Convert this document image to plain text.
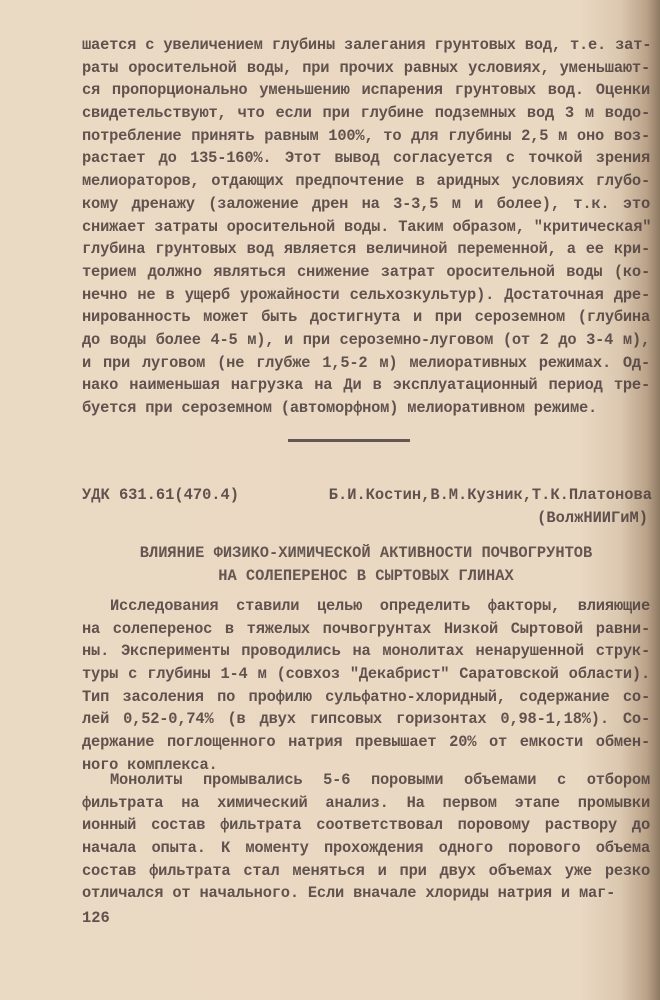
шается с увеличением глубины залегания грунтовых вод, т.е. зат-
раты оросительной воды, при прочих равных условиях, уменьшают-
ся пропорционально уменьшению испарения грунтовых вод. Оценки
свидетельствуют, что если при глубине подземных вод 3 м водо-
потребление принять равным 100%, то для глубины 2,5 м оно воз-
растает до 135-160%. Этот вывод согласуется с точкой зрения
мелиораторов, отдающих предпочтение в аридных условиях глубо-
кому дренажу (заложение дрен на 3-3,5 м и более), т.к. это
снижает затраты оросительной воды. Таким образом, "критическая"
глубина грунтовых вод является величиной переменной, а ее кри-
терием должно являться снижение затрат оросительной воды (ко-
нечно не в ущерб урожайности сельхозкультур). Достаточная дре-
нированность может быть достигнута и при сероземном (глубина
до воды более 4-5 м), и при сероземно-луговом (от 2 до 3-4 м),
и при луговом (не глубже 1,5-2 м) мелиоративных режимах. Од-
нако наименьшая нагрузка на Ди в эксплуатационный период тре-
буется при сероземном (автоморфном) мелиоративном режиме.
УДК 631.61(470.4)	Б.И.Костин,В.М.Кузник,Т.К.Платонова
(ВолжНИИГиМ)
ВЛИЯНИЕ ФИЗИКО-ХИМИЧЕСКОЙ АКТИВНОСТИ ПОЧВОГРУНТОВ
НА СОЛЕПЕРЕНОС В СЫРТОВЫХ ГЛИНАХ
Исследования ставили целью определить факторы, влияющие
на солеперенос в тяжелых почвогрунтах Низкой Сыртовой равни-
ны. Эксперименты проводились на монолитах ненарушенной струк-
туры с глубины 1-4 м (совхоз "Декабрист" Саратовской области).
Тип засоления по профилю сульфатно-хлоридный, содержание со-
лей 0,52-0,74% (в двух гипсовых горизонтах 0,98-1,18%). Со-
держание поглощенного натрия превышает 20% от емкости обмен-
ного комплекса.
Монолиты промывались 5-6 поровыми объемами с отбором
фильтрата на химический анализ. На первом этапе промывки
ионный состав фильтрата соответствовал поровому раствору до
начала опыта. К моменту прохождения одного порового объема
состав фильтрата стал меняться и при двух объемах уже резко
отличался от начального. Если вначале хлориды натрия и маг-
126
